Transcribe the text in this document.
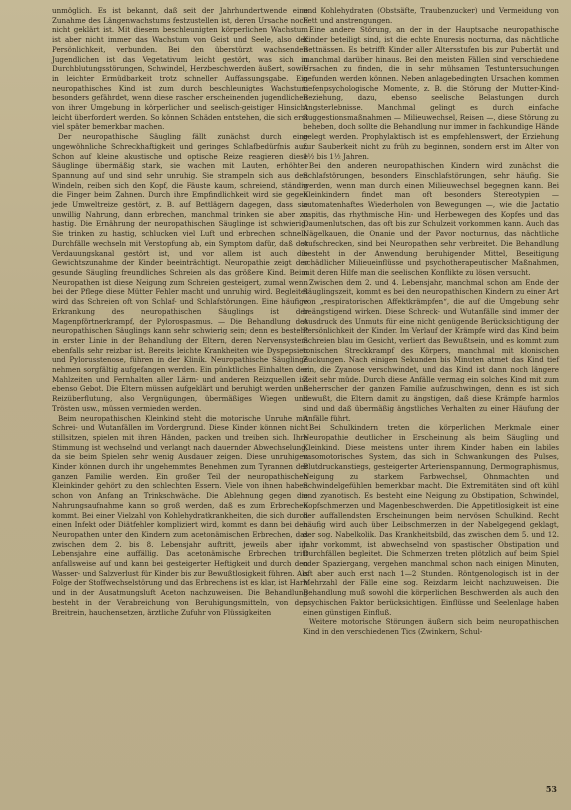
unmöglich. Es ist bekannt, daß seit der Jahrhundertwende eine Zunahme des Längenwachstums festzustellen ist, deren Ursache noch nicht geklärt ist. Mit diesem beschleunigten körperlichen Wachstum ist aber nicht immer das Wachstum von Geist und Seele, also der Persönlichkeit, verbunden. Bei den überstürzt wachsenden Jugendlichen ist das Vegetativum leicht gestört, was sich in Durchblutungsstörungen, Schwindel, Herzbeschwerden äußert, sowie in leichter Ermüdbarkeit trotz schneller Auffassungsgabe. Ein neuropathisches Kind ist zum durch beschleunigtes Wachstum besonders gefährdet, wenn diese rascher erscheinenden jugendlichen von ihrer Umgebung in körperlicher und seelisch-geistiger Hinsicht leicht überfordert werden. So können Schäden entstehen, die sich erst viel später bemerkbar machen.

Der neuropathische Säugling fällt zunächst durch eine ungewöhnliche Schreckhaftigkeit und geringes Schlafbedürfnis auf. Schon auf kleine akustische und optische Reize reagieren diese Säuglinge übermäßig stark, sie wachen mit Lauten, erhöhter Spannung auf und sind sehr unruhig. Sie strampeln sich aus den Windeln, reiben sich den Kopf, die Fäuste kaum, schreiend, ständig die Finger beim Zahnen. Durch ihre Empfindlichkeit wird sie gegen jede Umweltreize gestört, z. B. auf Bettlägern dagegen, dass sie unwillig Nahrung, dann erbrechen, manchmal trinken sie aber zu hastig. Die Ernährung der neuropathischen Säuglinge ist schwierig. Sie trinken zu hastig, schlucken viel Luft und erbrechen schnell. Durchfälle wechseln mit Verstopfung ab, ein Symptom dafür, daß der Verdauungskanal gestört ist, und vor allem ist auch die Gewichtszunahme der Kinder beeinträchtigt. Neuropathie zeigt der gesunde Säugling freundliches Schreien als das größere Kind. Beim Neuropathen ist diese Neigung zum Schreien gesteigert, zumal wenn bei der Pflege diese Mütter Fehler macht und unruhig wird. Begleitet wird das Schreien oft von Schlaf- und Schlafstörungen. Eine häufige Erkrankung des neuropathischen Säuglings ist der Magenpförtnerkrampf, der Pylorospasmus. — Die Behandlung des neuropathischen Säuglings kann sehr schwierig sein; denn es besteht in erster Linie in der Behandlung der Eltern, deren Nervensystem ebenfalls sehr reizbar ist. Bereits leichte Krankheiten wie Dyspepsien und Pylorusstenose, führen in der Klinik. Neuropathische Säuglinge nehmen sorgfältig aufgefangen werden. Ein pünktliches Einhalten der Mahlzeiten und Fernhalten aller Lärm- und anderen Reizquellen ist ebenso Gebot. Die Eltern müssen aufgeklärt und beruhigt werden und Reizüberflutung, also Vergnügungen, übermäßiges Wiegen und Trösten usw., müssen vermieden werden.

Beim neuropathischen Kleinkind steht die motorische Unruhe mit Schrei- und Wutanfällen im Vordergrund. Diese Kinder können nicht stillsitzen, spielen mit ihren Händen, packen und treiben sich. Ihre Stimmung ist wechselnd und verlangt nach dauernder Abwechselung, da sie beim Spielen sehr wenig Ausdauer zeigen. Diese unruhigen Kinder können durch ihr ungehemmtes Benehmen zum Tyrannen der ganzen Familie werden. Ein großer Teil der neuropathischen Kleinkinder gehört zu den schlechten Essern. Viele von ihnen haben schon von Anfang an Trinkschwäche. Die Ablehnung gegen die Nahrungsaufnahme kann so groß werden, daß es zum Erbrechen kommt. Bei einer Vielzahl von Kohlehydratkrankheiten, die sich durch einen Infekt oder Diätfehler kompliziert wird, kommt es dann bei den Neuropathen unter den Kindern zum acetonämischen Erbrechen, das zwischen dem 2. bis 8. Lebensjahr auftritt, jeweils aber im Lebensjahre eine auffällig. Das acetonämische Erbrechen tritt anfallsweise auf und kann bei gesteigerter Heftigkeit und durch den Wasser- und Salzverlust für Kinder bis zur Bewußtlosigkeit führen. Als Folge der Stoffwechselstörung und das Erbrechens ist es klar, ist Harn und in der Ausatmungsluft Aceton nachzuweisen. Die Behandlung besteht in der Verabreichung von Beruhigungsmitteln, von den Breitrein, hauchensetzen, ärztliche Zufuhr von Flüssigkeiten

und Kohlehydraten (Obstsäfte, Traubenzucker) und Vermeidung von Fett und anstrengungen.

Eine andere Störung, an der in der Hauptsache neuropathische Kinder beteiligt sind, ist die echte Enuresis nocturna, das nächtliche Bettnässen. Es betrifft Kinder aller Altersstufen bis zur Pubertät und manchmal darüber hinaus. Bei den meisten Fällen sind verschiedene Ursachen zu finden, die in sehr mühsamen Testuntersuchungen gefunden werden können. Neben anlagebedingten Ursachen kommen tiefenpsychologische Momente, z. B. die Störung der Mutter-Kind-Beziehung, dazu, ebenso seelische Belastungen durch Angsterlebnisse. Manchmal gelingt es durch einfache Suggestionsmaßnahmen — Milieuwechsel, Reisen —, diese Störung zu beheben, doch sollte die Behandlung nur immer in fachkundige Hände gelegt werden. Prophylaktisch ist es empfehlenswert, der Erziehung zur Sauberkeit nicht zu früh zu beginnen, sondern erst im Alter von 1½ bis 1½ Jahren.

Bei den anderen neuropathischen Kindern wird zunächst die Schlafstörungen, besonders Einschlafstörungen, sehr häufig. Sie werden, wenn man durch einen Milieuwechsel begegnen kann. Bei Kleinkindern findet man oft besonders Stereotypien — automatenhaftes Wiederholen von Bewegungen —, wie die Jactatio capitis, das rhythmische Hin- und Herbewegen des Kopfes und das Daumenlutschen, das oft bis zur Schulzeit vorkommen kann. Auch das Nägelkauen, die Onanie und der Pavor nocturnus, das nächtliche Aufschrecken, sind bei Neuropathen sehr verbreitet. Die Behandlung besteht in der Anwendung beruhigender Mittel, Beseitigung schädlicher Milieueinflüsse und psychotherapeutischer Maßnahmen, mit deren Hilfe man die seelischen Konflikte zu lösen versucht.

Zwischen dem 2. und 4. Lebensjahr, manchmal schon am Ende der Säuglingszeit, kommt es bei den neuropathischen Kindern zu einer Art von „respiratorischen Affektkrämpfen“, die auf die Umgebung sehr beängstigend wirken. Diese Schreck- und Wutanfälle sind immer der Ausdruck des Unmuts für eine nicht genügende Berücksichtigung der Persönlichkeit der Kinder. Im Verlauf der Krämpfe wird das Kind beim Schreien blau im Gesicht, verliert das Bewußtsein, und es kommt zum tonischen Streckkrampf des Körpers, manchmal mit klonischen Zuckungen. Nach einigen Sekunden bis Minuten atmet das Kind tief ein, die Zyanose verschwindet, und das Kind ist dann noch längere Zeit sehr müde. Durch diese Anfälle vermag ein solches Kind mit zum Beherrscher der ganzen Familie aufzuschwingen, denn es ist sich bewußt, die Eltern damit zu ängstigen, daß diese Krämpfe harmlos sind und daß übermäßig ängstliches Verhalten zu einer Häufung der Anfälle führt.

Bei Schulkindern treten die körperlichen Merkmale einer Neuropathie deutlicher in Erscheinung als beim Säugling und Kleinkind. Diese meistens unter ihrem Kinder haben ein labiles vasomotorisches System, das sich in Schwankungen des Pulses, Blutdruckanstiegs, gesteigerter Arterienspannung, Dermographismus, Neigung zu starkem Farbwechsel, Ohnmachten und Schwindelgefühlen bemerkbar macht. Die Extremitäten sind oft kühl und zyanotisch. Es besteht eine Neigung zu Obstipation, Schwindel, Kopfschmerzen und Magenbeschwerden. Die Appetitlosigkeit ist eine der auffallendsten Erscheinungen beim nervösen Schulkind. Recht häufig wird auch über Leibschmerzen in der Nabelgegend geklagt, der sog. Nabelkolik. Das Krankheitsbild, das zwischen dem 5. und 12. Jahr vorkommt, ist abwechselnd von spastischer Obstipation und Durchfällen begleitet. Die Schmerzen treten plötzlich auf beim Spiel oder Spaziergang, vergehen manchmal schon nach einigen Minuten, oft aber auch erst nach 1—2 Stunden. Röntgenologisch ist in der Mehrzahl der Fälle eine sog. Reizdarm leicht nachzuweisen. Die Behandlung muß sowohl die körperlichen Beschwerden als auch den psychischen Faktor berücksichtigen. Einflüsse und Seelenlage haben einen günstigen Einfluß.

Weitere motorische Störungen äußern sich beim neuropathischen Kind in den verschiedenen Tics (Zwinkern, Schul-

53
